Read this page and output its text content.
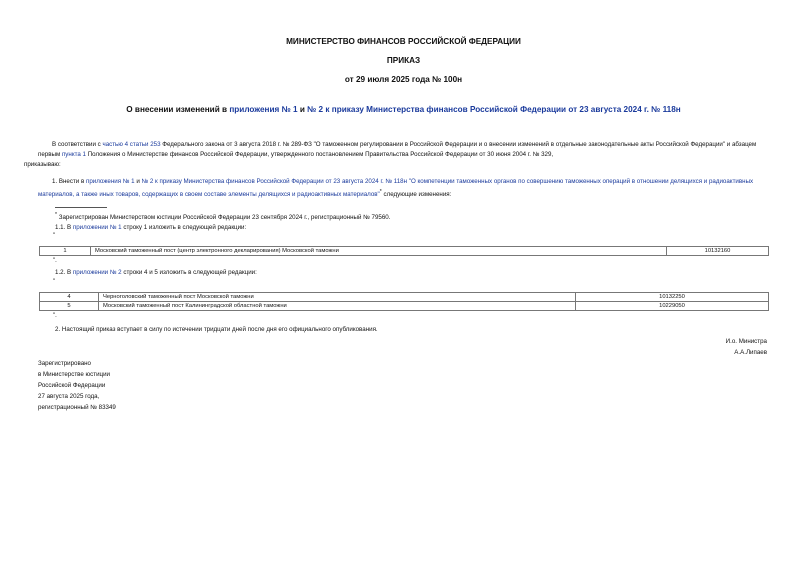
МИНИСТЕРСТВО ФИНАНСОВ РОССИЙСКОЙ ФЕДЕРАЦИИ
ПРИКАЗ
от 29 июля 2025 года № 100н
О внесении изменений в приложения № 1 и № 2 к приказу Министерства финансов Российской Федерации от 23 августа 2024 г. № 118н
В соответствии с частью 4 статьи 253 Федерального закона от 3 августа 2018 г. № 289-ФЗ "О таможенном регулировании в Российской Федерации и о внесении изменений в отдельные законодательные акты Российской Федерации" и абзацем первым пункта 1 Положения о Министерстве финансов Российской Федерации, утвержденного постановлением Правительства Российской Федерации от 30 июня 2004 г. № 329,
приказываю:
1. Внести в приложения № 1 и № 2 к приказу Министерства финансов Российской Федерации от 23 августа 2024 г. № 118н "О компетенции таможенных органов по совершению таможенных операций в отношении делящихся и радиоактивных материалов, а также иных товаров, содержащих в своем составе элементы делящихся и радиоактивных материалов"* следующие изменения:
* Зарегистрирован Министерством юстиции Российской Федерации 23 сентября 2024 г., регистрационный № 79560.
1.1. В приложении № 1 строку 1 изложить в следующей редакции:
"
1	Московский таможенный пост (центр электронного декларирования) Московской таможни	10132160
".
1.2. В приложении № 2 строки 4 и 5 изложить в следующей редакции:
"
4	Черноголовский таможенный пост Московской таможни	10132250
5	Московский таможенный пост Калининградской областной таможни	10229050
".
2. Настоящий приказ вступает в силу по истечении тридцати дней после дня его официального опубликования.
И.о. Министра
А.А.Липаев
Зарегистрировано
в Министерстве юстиции
Российской Федерации
27 августа 2025 года,
регистрационный № 83349
